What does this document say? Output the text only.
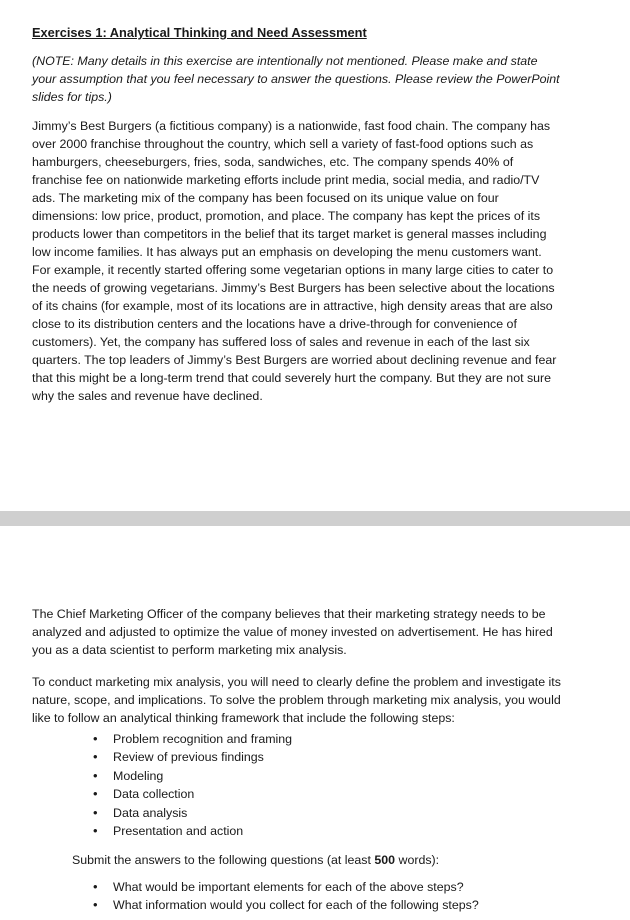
Exercises 1: Analytical Thinking and Need Assessment

(NOTE: Many details in this exercise are intentionally not mentioned. Please make and state your assumption that you feel necessary to answer the questions. Please review the PowerPoint slides for tips.)

Jimmy’s Best Burgers (a fictitious company) is a nationwide, fast food chain. The company has over 2000 franchise throughout the country, which sell a variety of fast-food options such as hamburgers, cheeseburgers, fries, soda, sandwiches, etc. The company spends 40% of franchise fee on nationwide marketing efforts include print media, social media, and radio/TV ads. The marketing mix of the company has been focused on its unique value on four dimensions: low price, product, promotion, and place. The company has kept the prices of its products lower than competitors in the belief that its target market is general masses including low income families. It has always put an emphasis on developing the menu customers want. For example, it recently started offering some vegetarian options in many large cities to cater to the needs of growing vegetarians. Jimmy’s Best Burgers has been selective about the locations of its chains (for example, most of its locations are in attractive, high density areas that are also close to its distribution centers and the locations have a drive-through for convenience of customers). Yet, the company has suffered loss of sales and revenue in each of the last six quarters. The top leaders of Jimmy’s Best Burgers are worried about declining revenue and fear that this might be a long-term trend that could severely hurt the company. But they are not sure why the sales and revenue have declined.

The Chief Marketing Officer of the company believes that their marketing strategy needs to be analyzed and adjusted to optimize the value of money invested on advertisement. He has hired you as a data scientist to perform marketing mix analysis.

To conduct marketing mix analysis, you will need to clearly define the problem and investigate its nature, scope, and implications. To solve the problem through marketing mix analysis, you would like to follow an analytical thinking framework that include the following steps:

• Problem recognition and framing
• Review of previous findings
• Modeling
• Data collection
• Data analysis
• Presentation and action

Submit the answers to the following questions (at least 500 words):

• What would be important elements for each of the above steps?
• What information would you collect for each of the following steps?
